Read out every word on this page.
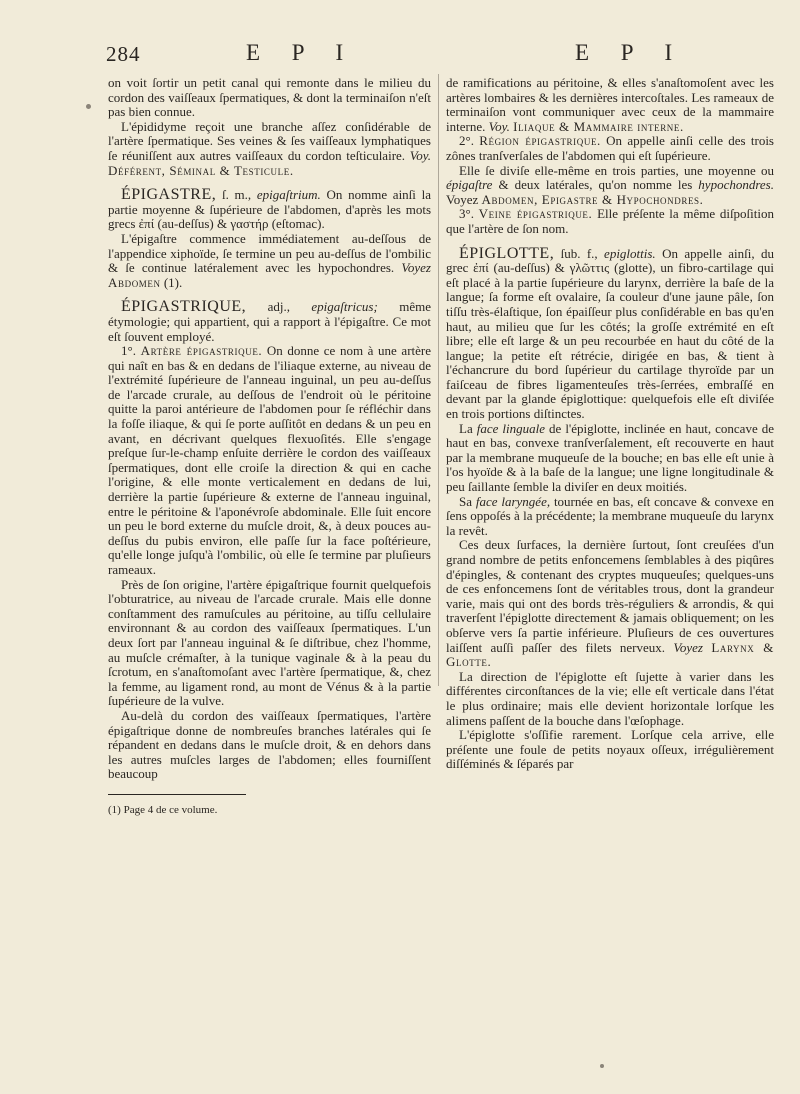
284	E P I	E P I

on voit ſortir un petit canal qui remonte dans le milieu du cordon des vaiſſeaux ſpermatiques, & dont la terminaiſon n'eſt pas bien connue.

L'épididyme reçoit une branche aſſez conſidérable de l'artère ſpermatique. Ses veines & ſes vaiſſeaux lymphatiques ſe réuniſſent aux autres vaiſſeaux du cordon teſticulaire. Voy. Déférent, Séminal & Testicule.

ÉPIGASTRE, ſ. m., epigaſtrium. On nomme ainſi la partie moyenne & ſupérieure de l'abdomen, d'après les mots grecs ἐπί (au-deſſus) & γαστήρ (eſtomac).

L'épigaſtre commence immédiatement au-deſſous de l'appendice xiphoïde, ſe termine un peu au-deſſus de l'ombilic & ſe continue latéralement avec les hypochondres. Voyez Abdomen (1).

ÉPIGASTRIQUE, adj., epigaſtricus; même étymologie; qui appartient, qui a rapport à l'épigaſtre. Ce mot eſt ſouvent employé.

1°. Artère épigastrique. On donne ce nom à une artère qui naît en bas & en dedans de l'iliaque externe, au niveau de l'extrémité ſupérieure de l'anneau inguinal, un peu au-deſſus de l'arcade crurale, au deſſous de l'endroit où le péritoine quitte la paroi antérieure de l'abdomen pour ſe réfléchir dans la foſſe iliaque, & qui ſe porte auſſitôt en dedans & un peu en avant, en décrivant quelques flexuoſités. Elle s'engage preſque ſur-le-champ enſuite derrière le cordon des vaiſſeaux ſpermatiques, dont elle croiſe la direction & qui en cache l'origine, & elle monte verticalement en dedans de lui, derrière la partie ſupérieure & externe de l'anneau inguinal, entre le péritoine & l'aponévroſe abdominale. Elle ſuit encore un peu le bord externe du muſcle droit, &, à deux pouces au-deſſus du pubis environ, elle paſſe ſur la face poſtérieure, qu'elle longe juſqu'à l'ombilic, où elle ſe termine par pluſieurs rameaux.

Près de ſon origine, l'artère épigaſtrique fournit quelquefois l'obturatrice, au niveau de l'arcade crurale. Mais elle donne conſtamment des ramuſcules au péritoine, au tiſſu cellulaire environnant & au cordon des vaiſſeaux ſpermatiques. L'un deux ſort par l'anneau inguinal & ſe diſtribue, chez l'homme, au muſcle crémaſter, à la tunique vaginale & à la peau du ſcrotum, en s'anaſtomoſant avec l'artère ſpermatique, &, chez la femme, au ligament rond, au mont de Vénus & à la partie ſupérieure de la vulve.

Au-delà du cordon des vaiſſeaux ſpermatiques, l'artère épigaſtrique donne de nombreuſes branches latérales qui ſe répandent en dedans dans le muſcle droit, & en dehors dans les autres muſcles larges de l'abdomen; elles fourniſſent beaucoup

(1) Page 4 de ce volume.

de ramifications au péritoine, & elles s'anaſtomoſent avec les artères lombaires & les dernières intercoſtales. Les rameaux de terminaiſon vont communiquer avec ceux de la mammaire interne. Voy. Iliaque & Mammaire interne.

2°. Région épigastrique. On appelle ainſi celle des trois zônes tranſverſales de l'abdomen qui eſt ſupérieure.

Elle ſe diviſe elle-même en trois parties, une moyenne ou épigaſtre & deux latérales, qu'on nomme les hypochondres. Voyez Abdomen, Epigastre & Hypochondres.

3°. Veine épigastrique. Elle préſente la même diſpoſition que l'artère de ſon nom.

ÉPIGLOTTE, ſub. f., epiglottis. On appelle ainſi, du grec ἐπί (au-deſſus) & γλῶττις (glotte), un fibro-cartilage qui eſt placé à la partie ſupérieure du larynx, derrière la baſe de la langue; ſa forme eſt ovalaire, ſa couleur d'une jaune pâle, ſon tiſſu très-élaſtique, ſon épaiſſeur plus conſidérable en bas qu'en haut, au milieu que ſur les côtés; la groſſe extrémité en eſt libre; elle eſt large & un peu recourbée en haut du côté de la langue; la petite eſt rétrécie, dirigée en bas, & tient à l'échancrure du bord ſupérieur du cartilage thyroïde par un faiſceau de fibres ligamenteuſes très-ſerrées, embraſſé en devant par la glande épiglottique: quelquefois elle eſt diviſée en trois portions diſtinctes.

La face linguale de l'épiglotte, inclinée en haut, concave de haut en bas, convexe tranſverſalement, eſt recouverte en haut par la membrane muqueuſe de la bouche; en bas elle eſt unie à l'os hyoïde & à la baſe de la langue; une ligne longitudinale & peu ſaillante ſemble la diviſer en deux moitiés.

Sa face laryngée, tournée en bas, eſt concave & convexe en ſens oppoſés à la précédente; la membrane muqueuſe du larynx la revêt.

Ces deux ſurfaces, la dernière ſurtout, ſont creuſées d'un grand nombre de petits enfoncemens ſemblables à des piqûres d'épingles, & contenant des cryptes muqueuſes; quelques-uns de ces enfoncemens ſont de véritables trous, dont la grandeur varie, mais qui ont des bords très-réguliers & arrondis, & qui traverſent l'épiglotte directement & jamais obliquement; on les obſerve vers ſa partie inférieure. Pluſieurs de ces ouvertures laiſſent auſſi paſſer des filets nerveux. Voyez Larynx & Glotte.

La direction de l'épiglotte eſt ſujette à varier dans les différentes circonſtances de la vie; elle eſt verticale dans l'état le plus ordinaire; mais elle devient horizontale lorſque les alimens paſſent de la bouche dans l'œſophage.

L'épiglotte s'oſſifie rarement. Lorſque cela arrive, elle préſente une foule de petits noyaux oſſeux, irrégulièrement diſſéminés & ſéparés par
